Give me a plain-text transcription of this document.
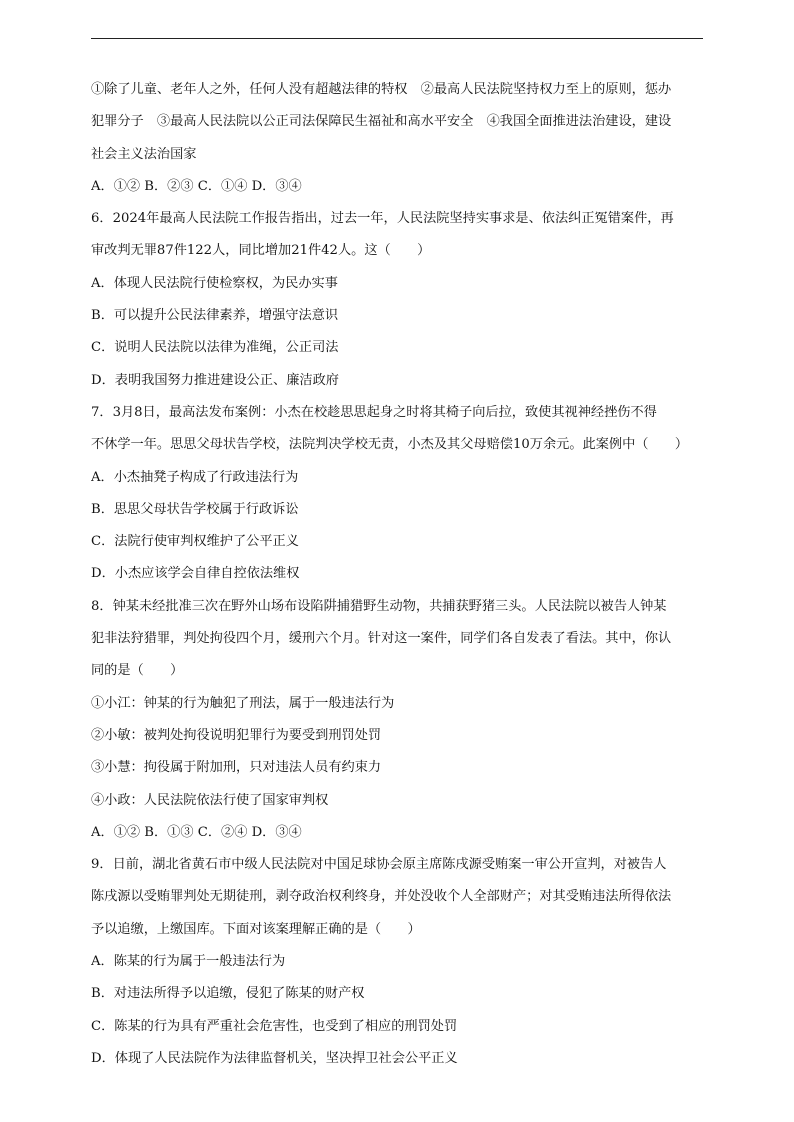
①除了儿童、老年人之外，任何人没有超越法律的特权　②最高人民法院坚持权力至上的原则，惩办
犯罪分子　③最高人民法院以公正司法保障民生福祉和高水平安全　④我国全面推进法治建设，建设
社会主义法治国家
A．①② B．②③ C．①④ D．③④
6．2024年最高人民法院工作报告指出，过去一年，人民法院坚持实事求是、依法纠正冤错案件，再
审改判无罪87件122人，同比增加21件42人。这（　　）
A．体现人民法院行使检察权，为民办实事
B．可以提升公民法律素养，增强守法意识
C．说明人民法院以法律为准绳，公正司法
D．表明我国努力推进建设公正、廉洁政府
7．3月8日，最高法发布案例：小杰在校趁思思起身之时将其椅子向后拉，致使其视神经挫伤不得
不休学一年。思思父母状告学校，法院判决学校无责，小杰及其父母赔偿10万余元。此案例中（　　）
A．小杰抽凳子构成了行政违法行为
B．思思父母状告学校属于行政诉讼
C．法院行使审判权维护了公平正义
D．小杰应该学会自律自控依法维权
8．钟某未经批准三次在野外山场布设陷阱捕猎野生动物，共捕获野猪三头。人民法院以被告人钟某
犯非法狩猎罪，判处拘役四个月，缓刑六个月。针对这一案件，同学们各自发表了看法。其中，你认
同的是（　　）
①小江：钟某的行为触犯了刑法，属于一般违法行为
②小敏：被判处拘役说明犯罪行为要受到刑罚处罚
③小慧：拘役属于附加刑，只对违法人员有约束力
④小政：人民法院依法行使了国家审判权
A．①② B．①③ C．②④ D．③④
9．日前，湖北省黄石市中级人民法院对中国足球协会原主席陈戌源受贿案一审公开宣判，对被告人
陈戌源以受贿罪判处无期徒刑，剥夺政治权利终身，并处没收个人全部财产；对其受贿违法所得依法
予以追缴，上缴国库。下面对该案理解正确的是（　　）
A．陈某的行为属于一般违法行为
B．对违法所得予以追缴，侵犯了陈某的财产权
C．陈某的行为具有严重社会危害性，也受到了相应的刑罚处罚
D．体现了人民法院作为法律监督机关，坚决捍卫社会公平正义
